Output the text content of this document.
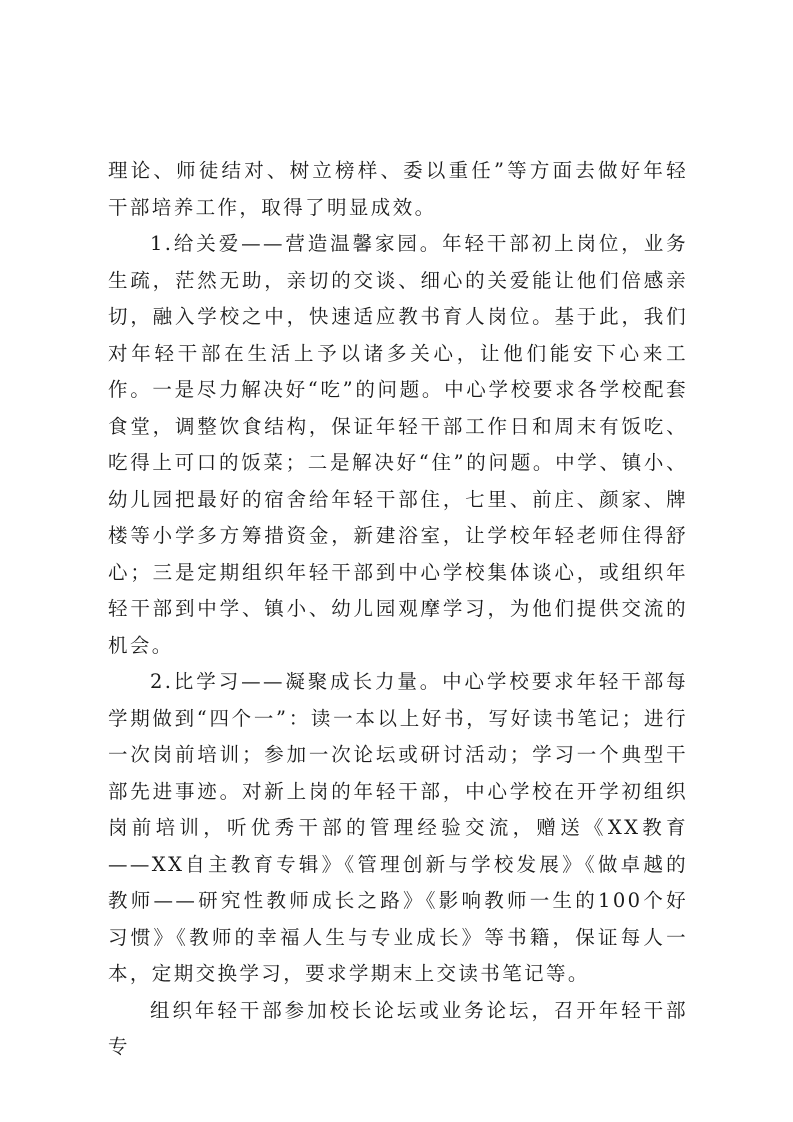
理论、师徒结对、树立榜样、委以重任”等方面去做好年轻干部培养工作，取得了明显成效。

1.给关爱——营造温馨家园。年轻干部初上岗位，业务生疏，茫然无助，亲切的交谈、细心的关爱能让他们倍感亲切，融入学校之中，快速适应教书育人岗位。基于此，我们对年轻干部在生活上予以诸多关心，让他们能安下心来工作。一是尽力解决好“吃”的问题。中心学校要求各学校配套食堂，调整饮食结构，保证年轻干部工作日和周末有饭吃、吃得上可口的饭菜；二是解决好“住”的问题。中学、镇小、幼儿园把最好的宿舍给年轻干部住，七里、前庄、颜家、牌楼等小学多方筹措资金，新建浴室，让学校年轻老师住得舒心；三是定期组织年轻干部到中心学校集体谈心，或组织年轻干部到中学、镇小、幼儿园观摩学习，为他们提供交流的机会。

2.比学习——凝聚成长力量。中心学校要求年轻干部每学期做到“四个一”：读一本以上好书，写好读书笔记；进行一次岗前培训；参加一次论坛或研讨活动；学习一个典型干部先进事迹。对新上岗的年轻干部，中心学校在开学初组织岗前培训，听优秀干部的管理经验交流，赠送《XX教育——XX自主教育专辑》《管理创新与学校发展》《做卓越的教师——研究性教师成长之路》《影响教师一生的100个好习惯》《教师的幸福人生与专业成长》等书籍，保证每人一本，定期交换学习，要求学期末上交读书笔记等。

组织年轻干部参加校长论坛或业务论坛，召开年轻干部专
